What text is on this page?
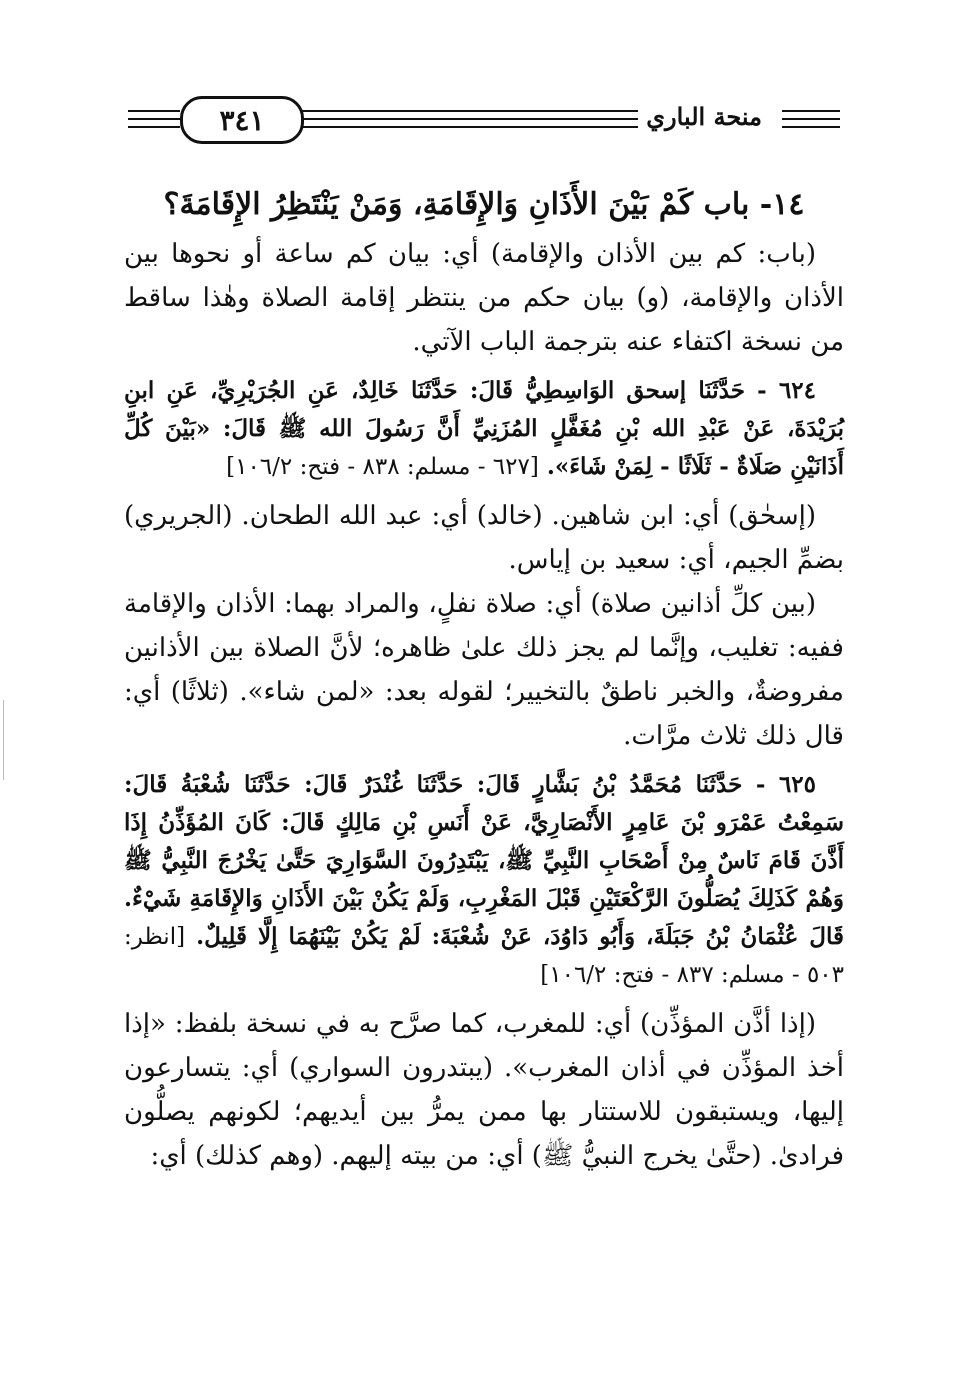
٣٤١	منحة الباري
١٤- باب كَمْ بَيْنَ الأَذَانِ وَالإِقَامَةِ، وَمَنْ يَنْتَظِرُ الإِقَامَةَ؟

(باب: كم بين الأذان والإقامة) أي: بيان كم ساعة أو نحوها بين الأذان والإقامة، (و) بيان حكم من ينتظر إقامة الصلاة وهٰذا ساقط من نسخة اكتفاء عنه بترجمة الباب الآتي.

٦٢٤ - حَدَّثَنَا إسحق الوَاسِطِيُّ قَالَ: حَدَّثَنَا خَالِدٌ، عَنِ الجُرَيْرِيِّ، عَنِ ابنِ بُرَيْدَةَ، عَنْ عَبْدِ الله بْنِ مُغَفَّلٍ المُزَنِيِّ أَنَّ رَسُولَ الله ﷺ قَالَ: «بَيْنَ كُلِّ أَذَانَيْنِ صَلَاةٌ - ثَلَاثًا - لِمَنْ شَاءَ». [٦٢٧ - مسلم: ٨٣٨ - فتح: ١٠٦/٢]

(إسحٰق) أي: ابن شاهين. (خالد) أي: عبد الله الطحان. (الجريري) بضمِّ الجيم، أي: سعيد بن إياس.

(بين كلِّ أذانين صلاة) أي: صلاة نفلٍ، والمراد بهما: الأذان والإقامة ففيه: تغليب، وإنَّما لم يجز ذلك علىٰ ظاهره؛ لأنَّ الصلاة بين الأذانين مفروضةٌ، والخبر ناطقٌ بالتخيير؛ لقوله بعد: «لمن شاء». (ثلاثًا) أي: قال ذلك ثلاث مرَّات.

٦٢٥ - حَدَّثَنَا مُحَمَّدُ بْنُ بَشَّارٍ قَالَ: حَدَّثَنَا غُنْدَرٌ قَالَ: حَدَّثَنَا شُعْبَةُ قَالَ: سَمِعْتُ عَمْرَو بْنَ عَامِرٍ الأَنْصَارِيَّ، عَنْ أَنَسِ بْنِ مَالِكٍ قَالَ: كَانَ المُؤَذِّنُ إِذَا أَذَّنَ قَامَ نَاسٌ مِنْ أَصْحَابِ النَّبِيِّ ﷺ، يَبْتَدِرُونَ السَّوَارِيَ حَتَّىٰ يَخْرُجَ النَّبِيُّ ﷺ وَهُمْ كَذَلِكَ يُصَلُّونَ الرَّكْعَتَيْنِ قَبْلَ المَغْرِبِ، وَلَمْ يَكُنْ بَيْنَ الأَذَانِ وَالإِقَامَةِ شَيْءٌ. قَالَ عُثْمَانُ بْنُ جَبَلَةَ، وَأَبُو دَاوُدَ، عَنْ شُعْبَةَ: لَمْ يَكُنْ بَيْنَهُمَا إِلَّا قَلِيلٌ. [انظر: ٥٠٣ - مسلم: ٨٣٧ - فتح: ١٠٦/٢]

(إذا أذَّن المؤذِّن) أي: للمغرب، كما صرَّح به في نسخة بلفظ: «إذا أخذ المؤذِّن في أذان المغرب». (يبتدرون السواري) أي: يتسارعون إليها، ويستبقون للاستتار بها ممن يمرُّ بين أيديهم؛ لكونهم يصلُّون فرادىٰ. (حتَّىٰ يخرج النبيُّ ﷺ) أي: من بيته إليهم. (وهم كذلك) أي:
